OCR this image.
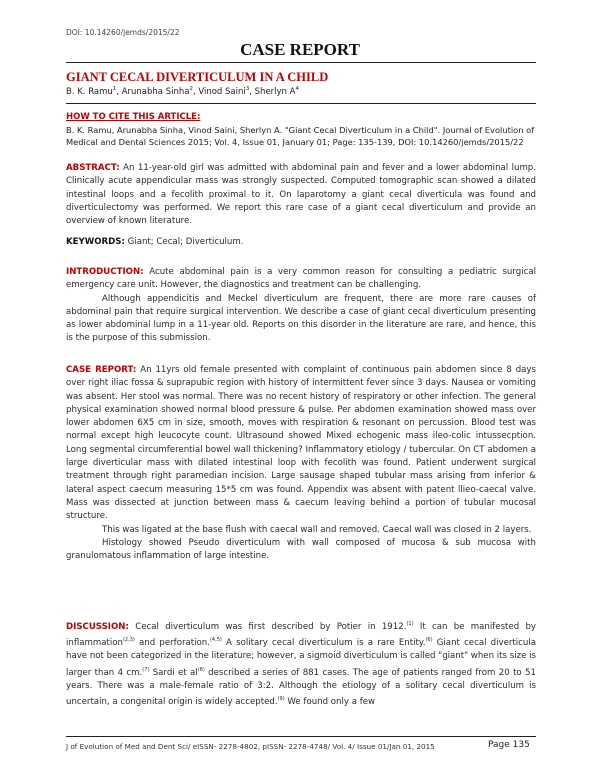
DOI: 10.14260/jemds/2015/22
CASE REPORT
GIANT CECAL DIVERTICULUM IN A CHILD
B. K. Ramu$^1$, Arunabha Sinha$^2$, Vinod Saini$^3$, Sherlyn $A^4$
HOW TO CITE THIS ARTICLE:
B. K. Ramu, Arunabha Sinha, Vinod Saini, Sherlyn A. "Giant Cecal Diverticulum in a Child". Journal of Evolution of Medical and Dental Sciences 2015; Vol. 4, Issue 01, January 01; Page: 135-139, DOI: 10.14260/jemds/2015/22
ABSTRACT: An 11-year-old girl was admitted with abdominal pain and fever and a lower abdominal lump. Clinically acute appendicular mass was strongly suspected. Computed tomographic scan showed a dilated intestinal loops and a fecolith proximal to it. On laparotomy a giant cecal diverticula was found and diverticulectomy was performed. We report this rare case of a giant cecal diverticulum and provide an overview of known literature.
KEYWORDS: Giant; Cecal; Diverticulum.
INTRODUCTION: Acute abdominal pain is a very common reason for consulting a pediatric surgical emergency care unit. However, the diagnostics and treatment can be challenging.
Although appendicitis and Meckel diverticulum are frequent, there are more rare causes of abdominal pain that require surgical intervention. We describe a case of giant cecal diverticulum presenting as lower abdominal lump in a 11-year old. Reports on this disorder in the literature are rare, and hence, this is the purpose of this submission.
CASE REPORT: An 11yrs old female presented with complaint of continuous pain abdomen since 8 days over right iliac fossa & suprapubic region with history of intermittent fever since 3 days. Nausea or vomiting was absent. Her stool was normal. There was no recent history of respiratory or other infection. The general physical examination showed normal blood pressure & pulse. Per abdomen examination showed mass over lower abdomen 6X5 cm in size, smooth, moves with respiration & resonant on percussion. Blood test was normal except high leucocyte count. Ultrasound showed Mixed echogenic mass ileo-colic intussecption. Long segmental circumferential bowel wall thickening? Inflammatory etiology / tubercular. On CT abdomen a large diverticular mass with dilated intestinal loop with fecolith was found. Patient underwent surgical treatment through right paramedian incision. Large sausage shaped tubular mass arising from inferior & lateral aspect caecum measuring 15*5 cm was found. Appendix was absent with patent llieo-caecal valve. Mass was dissected at junction between mass & caecum leaving behind a portion of tubular mucosal structure.
This was ligated at the base flush with caecal wall and removed. Caecal wall was closed in 2 layers.
Histology showed Pseudo diverticulum with wall composed of mucosa & sub mucosa with granulomatous inflammation of large intestine.
DISCUSSION: Cecal diverticulum was first described by Potier in 1912.$^{(1)}$ It can be manifested by inflammation$^{(2,3)}$ and perforation.$^{(4,5)}$ A solitary cecal diverticulum is a rare Entity.$^{(6)}$ Giant cecal diverticula have not been categorized in the literature; however, a sigmoid diverticulum is called "giant" when its size is larger than 4 cm.$^{(7)}$ Sardi et $al^{(8)}$ described a series of 881 cases. The age of patients ranged from 20 to 51 years. There was a male-female ratio of 3:2. Although the etiology of a solitary cecal diverticulum is uncertain, a congenital origin is widely accepted.$^{(9)}$ We found only a few
J of Evolution of Med and Dent Sci/ eISSN- 2278-4802, pISSN- 2278-4748/ Vol. 4/ Issue 01/Jan 01, 2015	Page 135
